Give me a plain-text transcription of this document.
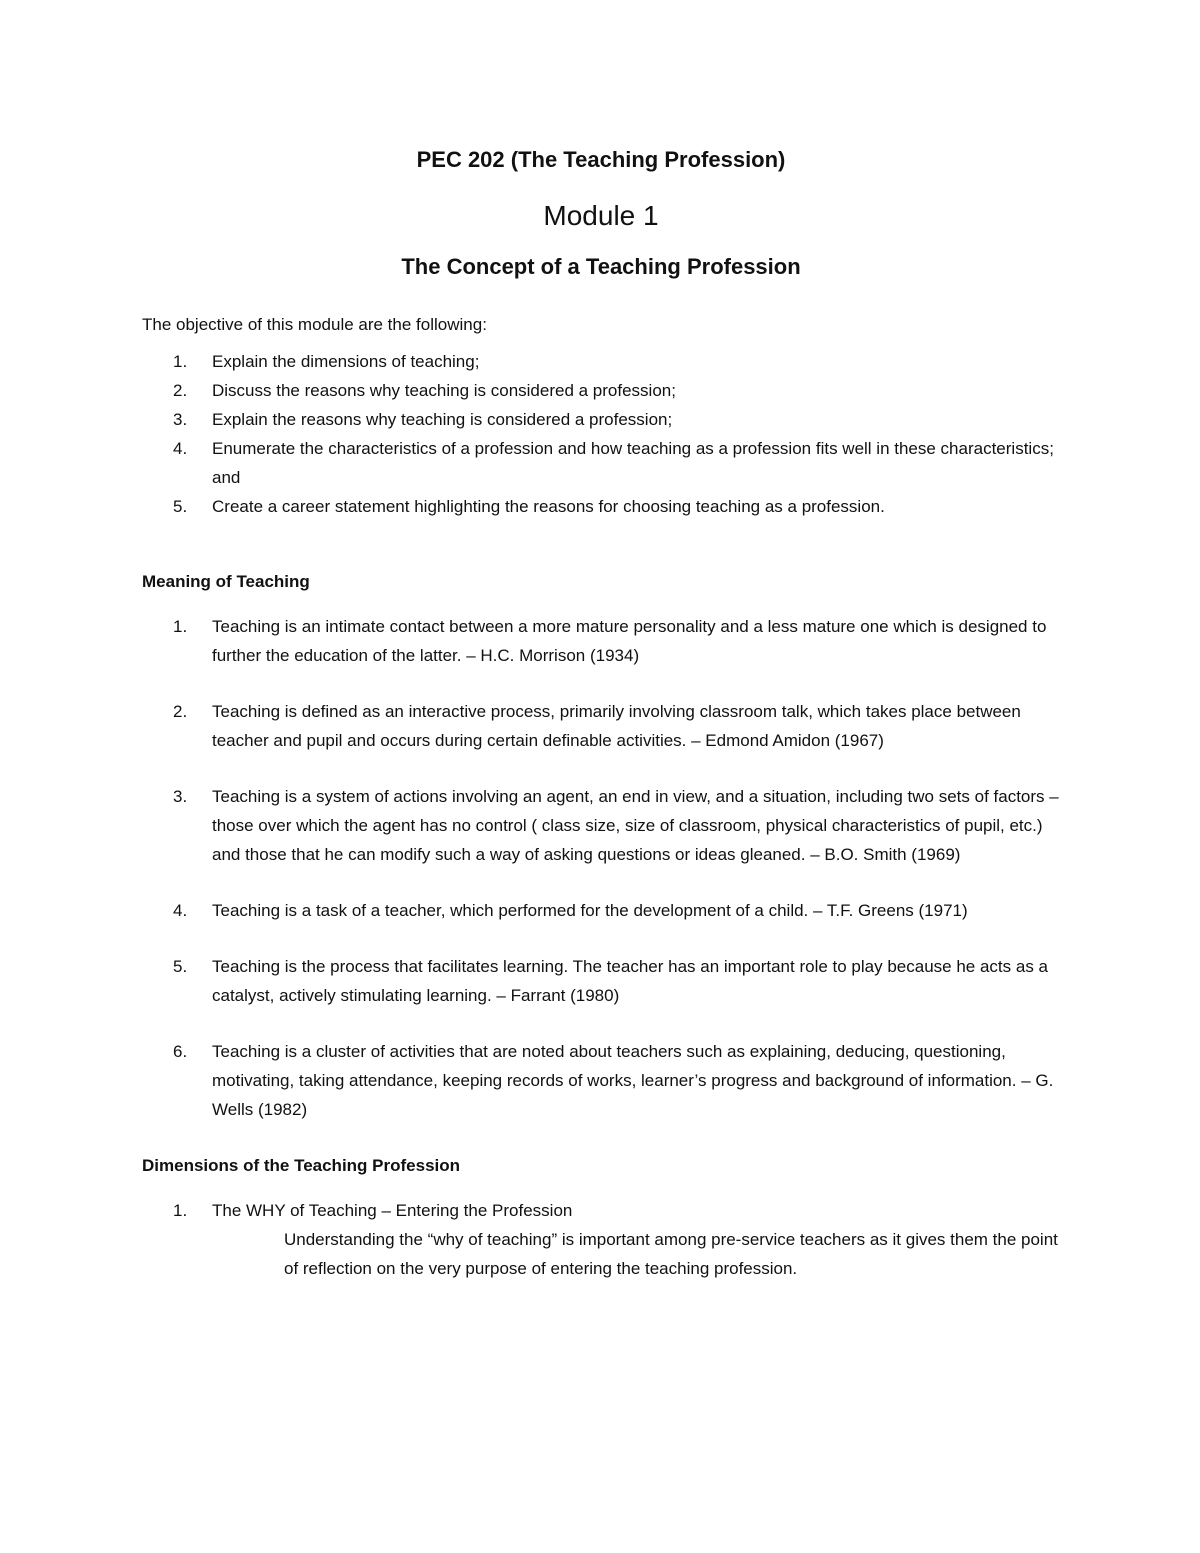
PEC 202 (The Teaching Profession)
Module 1
The Concept of a Teaching Profession

The objective of this module are the following:

1. Explain the dimensions of teaching;
2. Discuss the reasons why teaching is considered a profession;
3. Explain the reasons why teaching is considered a profession;
4. Enumerate the characteristics of a profession and how teaching as a profession fits well in these characteristics; and
5. Create a career statement highlighting the reasons for choosing teaching as a profession.
Meaning of Teaching
1. Teaching is an intimate contact between a more mature personality and a less mature one which is designed to further the education of the latter. – H.C. Morrison (1934)
2. Teaching is defined as an interactive process, primarily involving classroom talk, which takes place between teacher and pupil and occurs during certain definable activities. – Edmond Amidon (1967)
3. Teaching is a system of actions involving an agent, an end in view, and a situation, including two sets of factors – those over which the agent has no control ( class size, size of classroom, physical characteristics of pupil, etc.) and those that he can modify such a way of asking questions or ideas gleaned. – B.O. Smith (1969)
4. Teaching is a task of a teacher, which performed for the development of a child. – T.F. Greens (1971)
5. Teaching is the process that facilitates learning. The teacher has an important role to play because he acts as a catalyst, actively stimulating learning. – Farrant (1980)
6. Teaching is a cluster of activities that are noted about teachers such as explaining, deducing, questioning, motivating, taking attendance, keeping records of works, learner’s progress and background of information. – G. Wells (1982)
Dimensions of the Teaching Profession
1. The WHY of Teaching – Entering the Profession
Understanding the “why of teaching” is important among pre-service teachers as it gives them the point of reflection on the very purpose of entering the teaching profession.
